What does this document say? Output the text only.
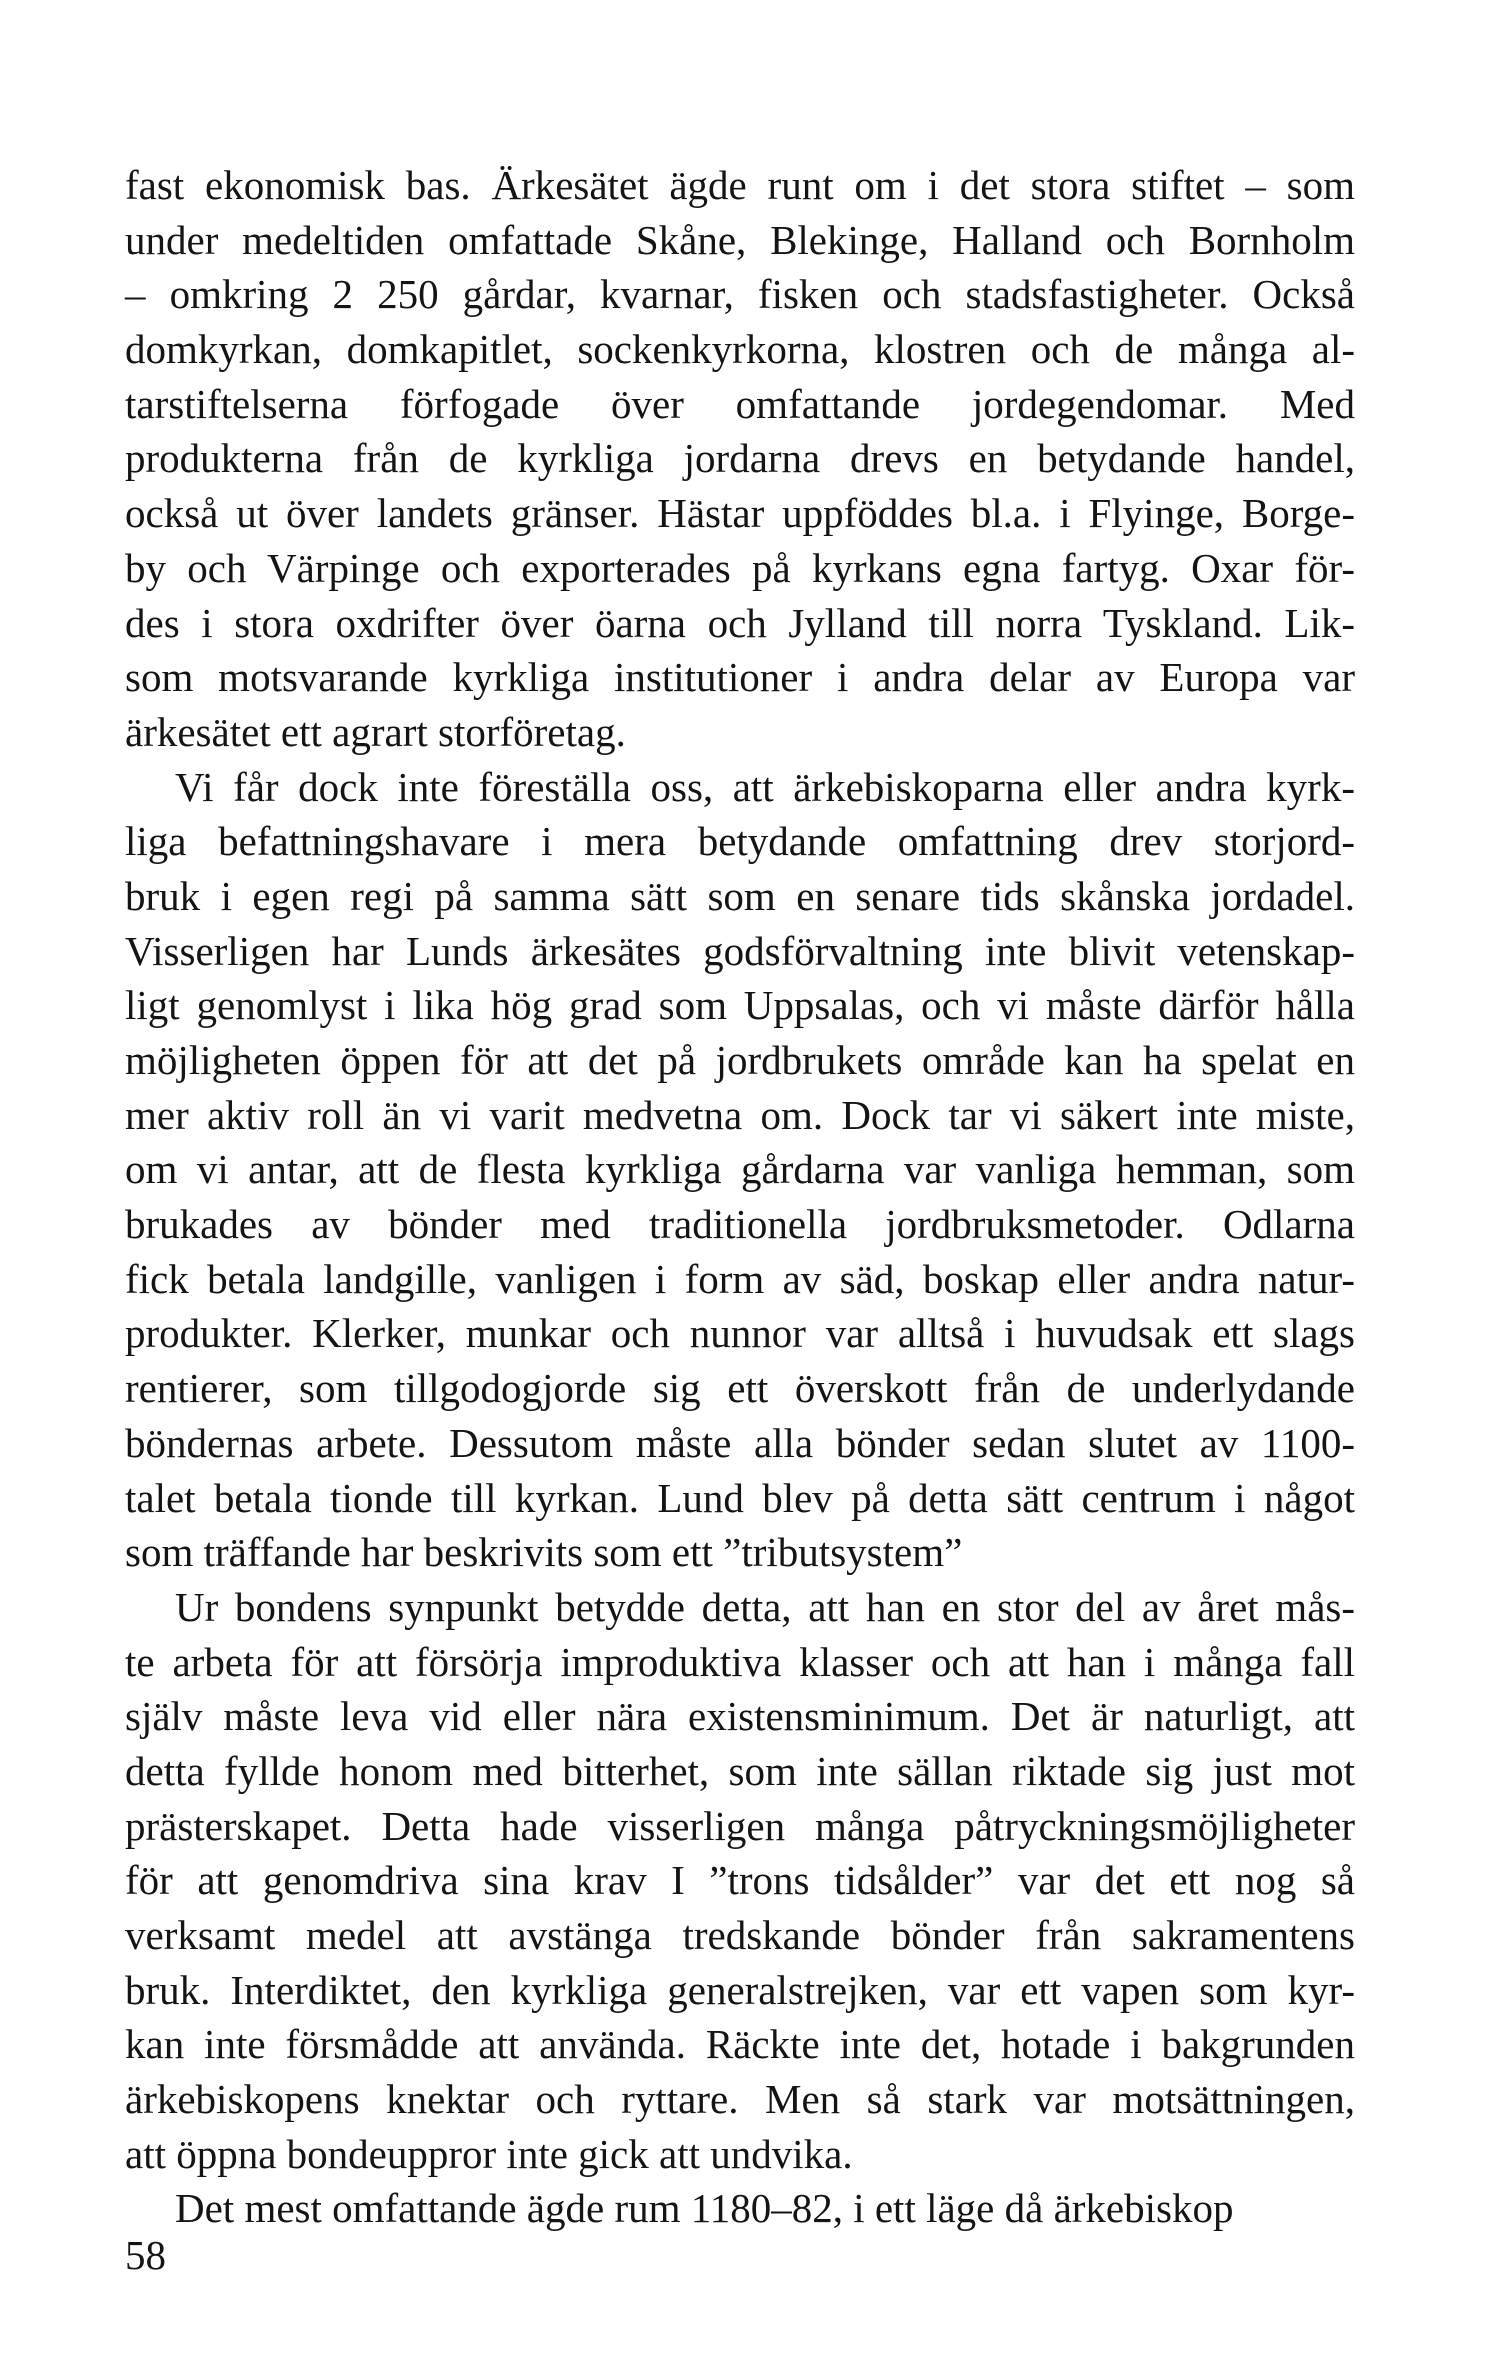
fast ekonomisk bas. Ärkesätet ägde runt om i det stora stiftet – som
under medeltiden omfattade Skåne, Blekinge, Halland och Bornholm
– omkring 2 250 gårdar, kvarnar, fisken och stadsfastigheter. Också
domkyrkan, domkapitlet, sockenkyrkorna, klostren och de många al-
tarstiftelserna förfogade över omfattande jordegendomar. Med
produkterna från de kyrkliga jordarna drevs en betydande handel,
också ut över landets gränser. Hästar uppföddes bl.a. i Flyinge, Borge-
by och Värpinge och exporterades på kyrkans egna fartyg. Oxar för-
des i stora oxdrifter över öarna och Jylland till norra Tyskland. Lik-
som motsvarande kyrkliga institutioner i andra delar av Europa var
ärkesätet ett agrart storföretag.
Vi får dock inte föreställa oss, att ärkebiskoparna eller andra kyrk-
liga befattningshavare i mera betydande omfattning drev storjord-
bruk i egen regi på samma sätt som en senare tids skånska jordadel.
Visserligen har Lunds ärkesätes godsförvaltning inte blivit vetenskap-
ligt genomlyst i lika hög grad som Uppsalas, och vi måste därför hålla
möjligheten öppen för att det på jordbrukets område kan ha spelat en
mer aktiv roll än vi varit medvetna om. Dock tar vi säkert inte miste,
om vi antar, att de flesta kyrkliga gårdarna var vanliga hemman, som
brukades av bönder med traditionella jordbruksmetoder. Odlarna
fick betala landgille, vanligen i form av säd, boskap eller andra natur-
produkter. Klerker, munkar och nunnor var alltså i huvudsak ett slags
rentierer, som tillgodogjorde sig ett överskott från de underlydande
böndernas arbete. Dessutom måste alla bönder sedan slutet av 1100-
talet betala tionde till kyrkan. Lund blev på detta sätt centrum i något
som träffande har beskrivits som ett ”tributsystem”
Ur bondens synpunkt betydde detta, att han en stor del av året mås-
te arbeta för att försörja improduktiva klasser och att han i många fall
själv måste leva vid eller nära existensminimum. Det är naturligt, att
detta fyllde honom med bitterhet, som inte sällan riktade sig just mot
prästerskapet. Detta hade visserligen många påtryckningsmöjligheter
för att genomdriva sina krav I ”trons tidsålder” var det ett nog så
verksamt medel att avstänga tredskande bönder från sakramentens
bruk. Interdiktet, den kyrkliga generalstrejken, var ett vapen som kyr-
kan inte försmådde att använda. Räckte inte det, hotade i bakgrunden
ärkebiskopens knektar och ryttare. Men så stark var motsättningen,
att öppna bondeuppror inte gick att undvika.
Det mest omfattande ägde rum 1180–82, i ett läge då ärkebiskop
58
